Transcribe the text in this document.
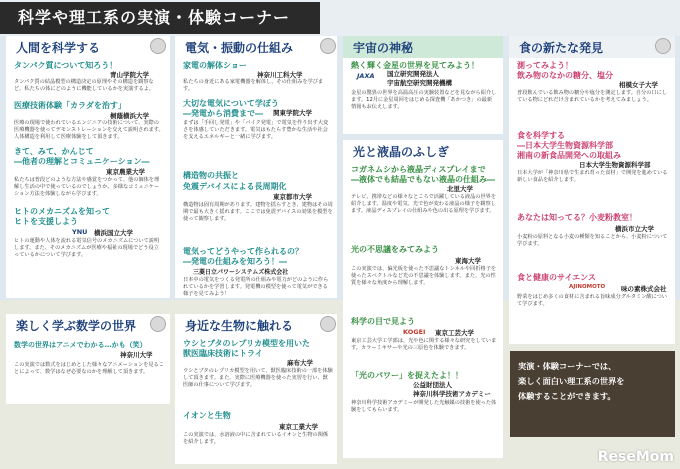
科学や理工系の実演・体験コーナー
人間を科学する
タンパク質について知ろう！
青山学院大学
タンパク質の結晶模型の構造決定の原理やその構造を観察など。私たちの体にどのように機能しているかを実演するよ。
医療技術体験「カラダを治す」
桐蔭横浜大学
医療の現場で使われているエンジニアの技術について、実際の医療機器を使ってデモンストレーションを交えて説明されます。人体構造を利用して医療体験をして頂きます。
きて、みて、かんじて
―他者の理解とコミュニケーション―
東京農業大学
私たちは普段どのような方法や感覚をつかって、他の個体を理解し生活の中で使っているのでしょうか。多様なコミュニケーション方法を体験しながら学びます。
ヒトのメカニズムを知って
ヒトを支援しよう
YNU 横浜国立大学
ヒトの運動や人体を流れる電気信号のメカニズムについて説明します。また、そのメカニズムが医療や福祉の現場でどう役立っているかについて学びます。
電気・振動の仕組み
家電の解体ショー
神奈川工科大学
私たちの身近にある家電機器を解体し、その仕組みを学びます。
大切な電気について学ぼう
―発電から消費まで― 関東学院大学
まずは「手回し発電」や「バイク発電」で電気を作り出す大変さを体感していただきます。電気はもたらす豊かな生活や社会を支えるエネルギーと一緒に学びます。
構造物の共振と
免震デバイスによる長周期化
東京都市大学
構造物は固有周期があります。建物を揺らすとき、建物はその周期で最も大きく揺れます。ここでは免震デバイスの効果を模型を使って観察します。
電気ってどうやって作られるの？
―発電の仕組みを知ろう！―
三菱日立パワーシステムズ株式会社
日本中の電気をつくる発電所の仕組みや電力がどのように作られているかを学習します。発電機の模型を使って電気ができる様子を見てみよう！
宇宙の神秘
熱く輝く金星の世界を見てみよう！
JAXA 国立研究開発法人
宇宙航空研究開発機構
金星の驚異の世界を高温高圧の実験装置などを見ながら紹介します。12月に金星周回をはじめる探査機「あかつき」の最新情報もお伝えします。
光と液晶のふしぎ
コガネムシから液晶ディスプレイまで
―液体でも結晶でもない液晶の仕組み―
北里大学
テレビ、携帯などの様々なところで活躍している液晶の世界を紹介します。温度や電気、光で色が変わる液晶の様子を観察します。液晶ディスプレイの仕組みや色の出る原理を学びます。
光の不思議をみてみよう
東海大学
この実演では、偏光板を使った不思議なトンネルや回折格子を使ったスペクトルなど光の不思議を体験します。また、光の性質を様々な角度から理解します。
科学の目で見よう
KOGEI 東京工芸大学
東京工芸大学工学部は、光や色に関する様々な研究をしています。カラーミキサーや光の三原色を体験できます。
「光のパワー」を捉えたよ！！
公益財団法人
神奈川科学技術アカデミー
神奈川科学技術アカデミーが開発した光触媒の技術を使った体験をしてもらいます。
食の新たな発見
測ってみよう！
飲み物のなかの糖分、塩分
相模女子大学
普段飲んでいる飲み物の糖分や塩分を測定します。自分の口にしている物にどれだけ含まれているかを考えてみましょう。
食を科学する
―日本大学生物資源科学部
湘南の新食品開発への取組み
日本大学生物資源科学部
日本大学が「神奈川県で生まれ育った食材」で開発を進めている新しい食品を紹介します。
あなたは知ってる？小麦粉教室！
横浜市立大学
小麦粉の原料となる小麦の種類を知ることから、小麦粉について学びます。
食と健康のサイエンス
AJINOMOTO 味の素株式会社
野菜をはじめ多くの食材に含まれる旨味成分グルタミン酸について学びます。
楽しく学ぶ数学の世界
数学の世界はアニメでわかる…かも（笑）
神奈川大学
この実演では数式をはじめとした様々なアニメーションを見ることによって、数学はなぜ必要なのかを理解して頂きます。
身近な生物に触れる
ウシとブタのレプリカ模型を用いた
獣医臨床技術にトライ
麻布大学
ウシとブタのレプリカ模型を用いて、獣医臨床技術の一部を体験して頂きます。また、実際に医療機器を使った実習を行い、獣医師の仕事について学びます。
イオンと生物
東京工業大学
この実演では、水溶液の中に含まれているイオンと生物の関係を紹介します。
実演・体験コーナーでは、
楽しく面白い理工系の世界を
体験することができます。
ReseMom
